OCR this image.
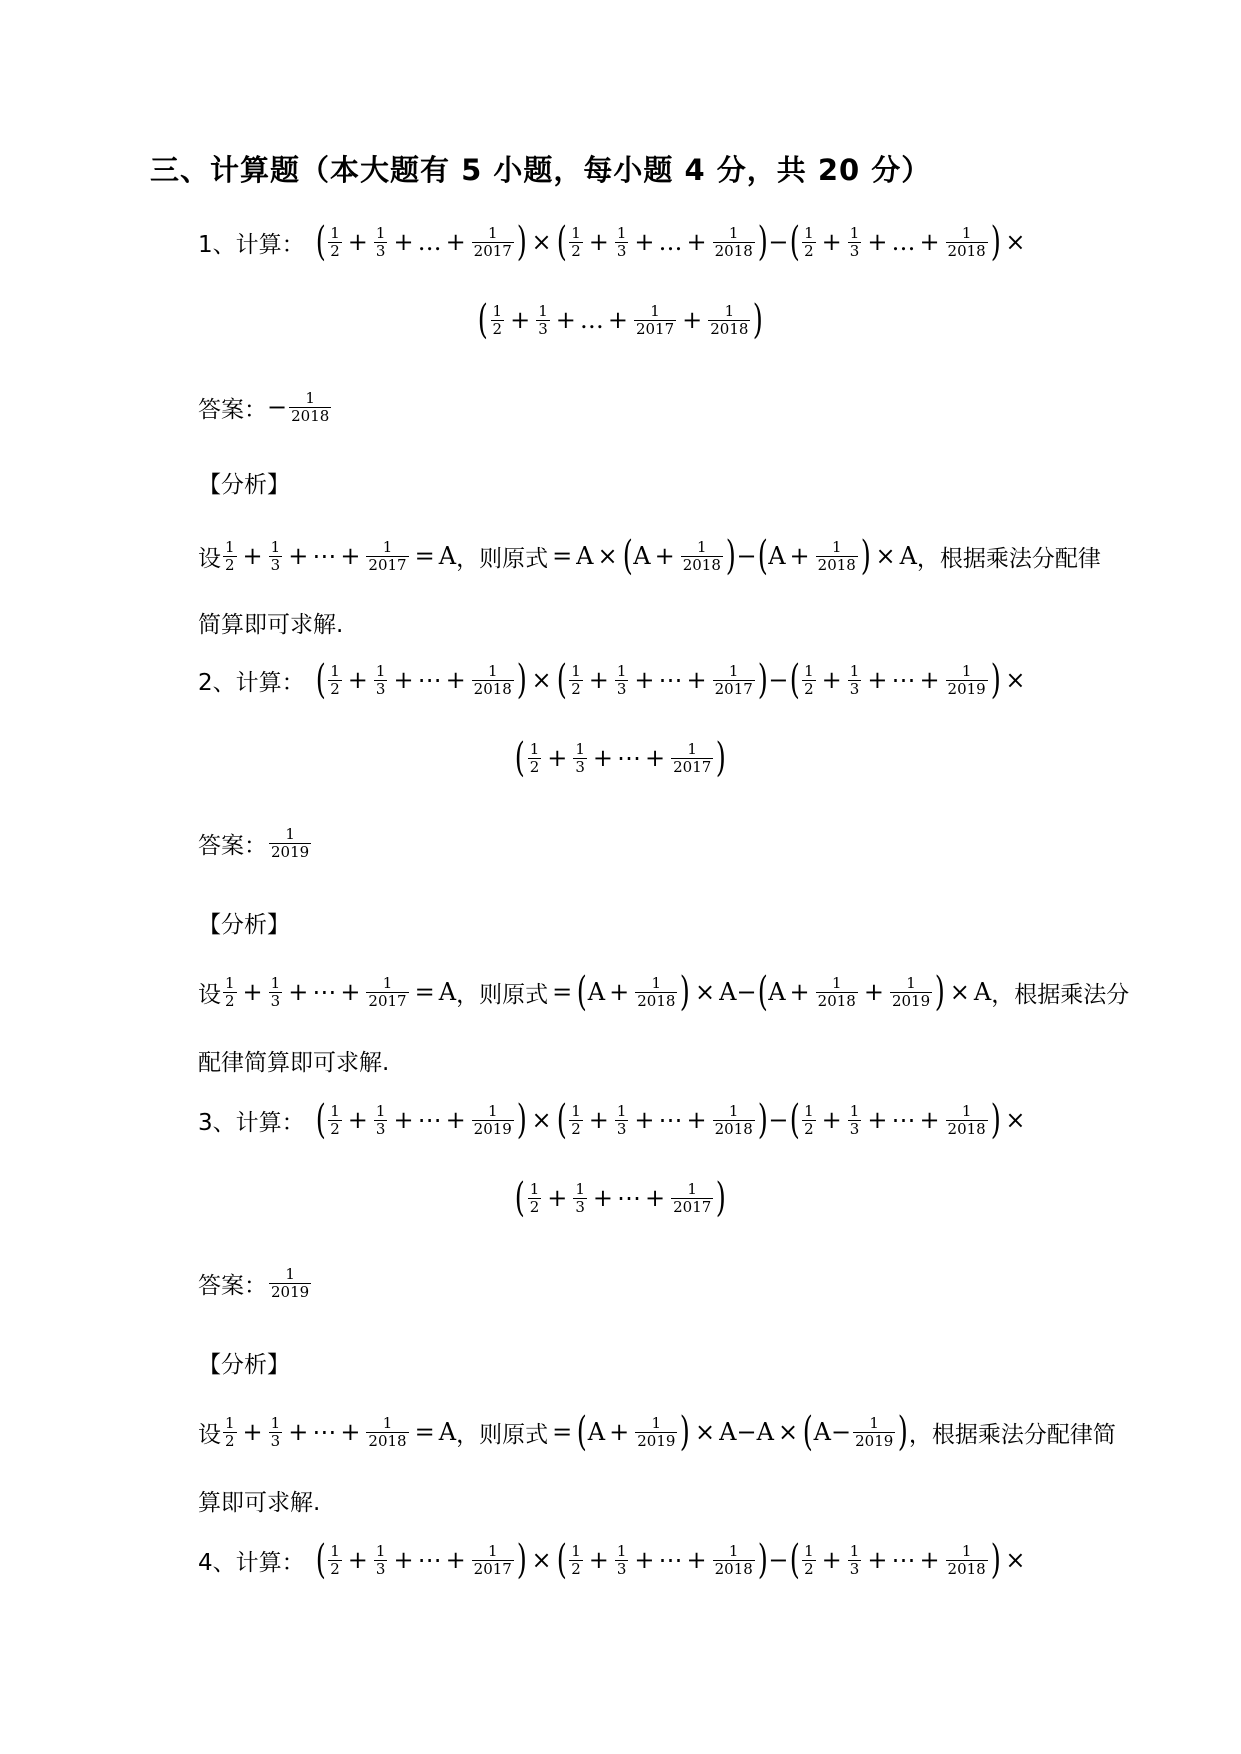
三、计算题（本大题有 5 小题，每小题 4 分，共 20 分）
1、计算： ( $\frac{1}{2} + \frac{1}{3}$ + … + $\frac{1}{2017}$ ) × ( $\frac{1}{2} + \frac{1}{3}$ + … + $\frac{1}{2018}$ ) − ( $\frac{1}{2} + \frac{1}{3}$ + … + $\frac{1}{2018}$ ) ×
( $\frac{1}{2} + \frac{1}{3}$ + … + $\frac{1}{2017} + \frac{1}{2018}$ )
答案： − $\frac{1}{2018}$
【分析】
设 $\frac{1}{2} + \frac{1}{3}$ + ⋯ + $\frac{1}{2017} = A$ ， 则原式 = A × ( $A + \frac{1}{2018}$ ) − ( $A + \frac{1}{2018}$ ) × A ，根据乘法分配律
简算即可求解.
2、计算： ( $\frac{1}{2} + \frac{1}{3}$ + ⋯ + $\frac{1}{2018}$ ) × ( $\frac{1}{2} + \frac{1}{3}$ + ⋯ + $\frac{1}{2017}$ ) − ( $\frac{1}{2} + \frac{1}{3}$ + ⋯ + $\frac{1}{2019}$ ) ×
( $\frac{1}{2} + \frac{1}{3}$ + ⋯ + $\frac{1}{2017}$ )
答案： $\frac{1}{2019}$
【分析】
设 $\frac{1}{2} + \frac{1}{3}$ + ⋯ + $\frac{1}{2017} = A$ ， 则原式 = ( $A + \frac{1}{2018}$ ) × A − ( $A + \frac{1}{2018} + \frac{1}{2019}$ ) × A ，根据乘法分
配律简算即可求解.
3、计算： ( $\frac{1}{2} + \frac{1}{3}$ + ⋯ + $\frac{1}{2019}$ ) × ( $\frac{1}{2} + \frac{1}{3}$ + ⋯ + $\frac{1}{2018}$ ) − ( $\frac{1}{2} + \frac{1}{3}$ + ⋯ + $\frac{1}{2018}$ ) ×
( $\frac{1}{2} + \frac{1}{3}$ + ⋯ + $\frac{1}{2017}$ )
答案： $\frac{1}{2019}$
【分析】
设 $\frac{1}{2} + \frac{1}{3}$ + ⋯ + $\frac{1}{2018} = A$ ， 则原式 = ( $A + \frac{1}{2019}$ ) × A − A × ( $A - \frac{1}{2019}$ ) ，根据乘法分配律简
算即可求解.
4、计算： ( $\frac{1}{2} + \frac{1}{3}$ + ⋯ + $\frac{1}{2017}$ ) × ( $\frac{1}{2} + \frac{1}{3}$ + ⋯ + $\frac{1}{2018}$ ) − ( $\frac{1}{2} + \frac{1}{3}$ + ⋯ + $\frac{1}{2018}$ ) ×
